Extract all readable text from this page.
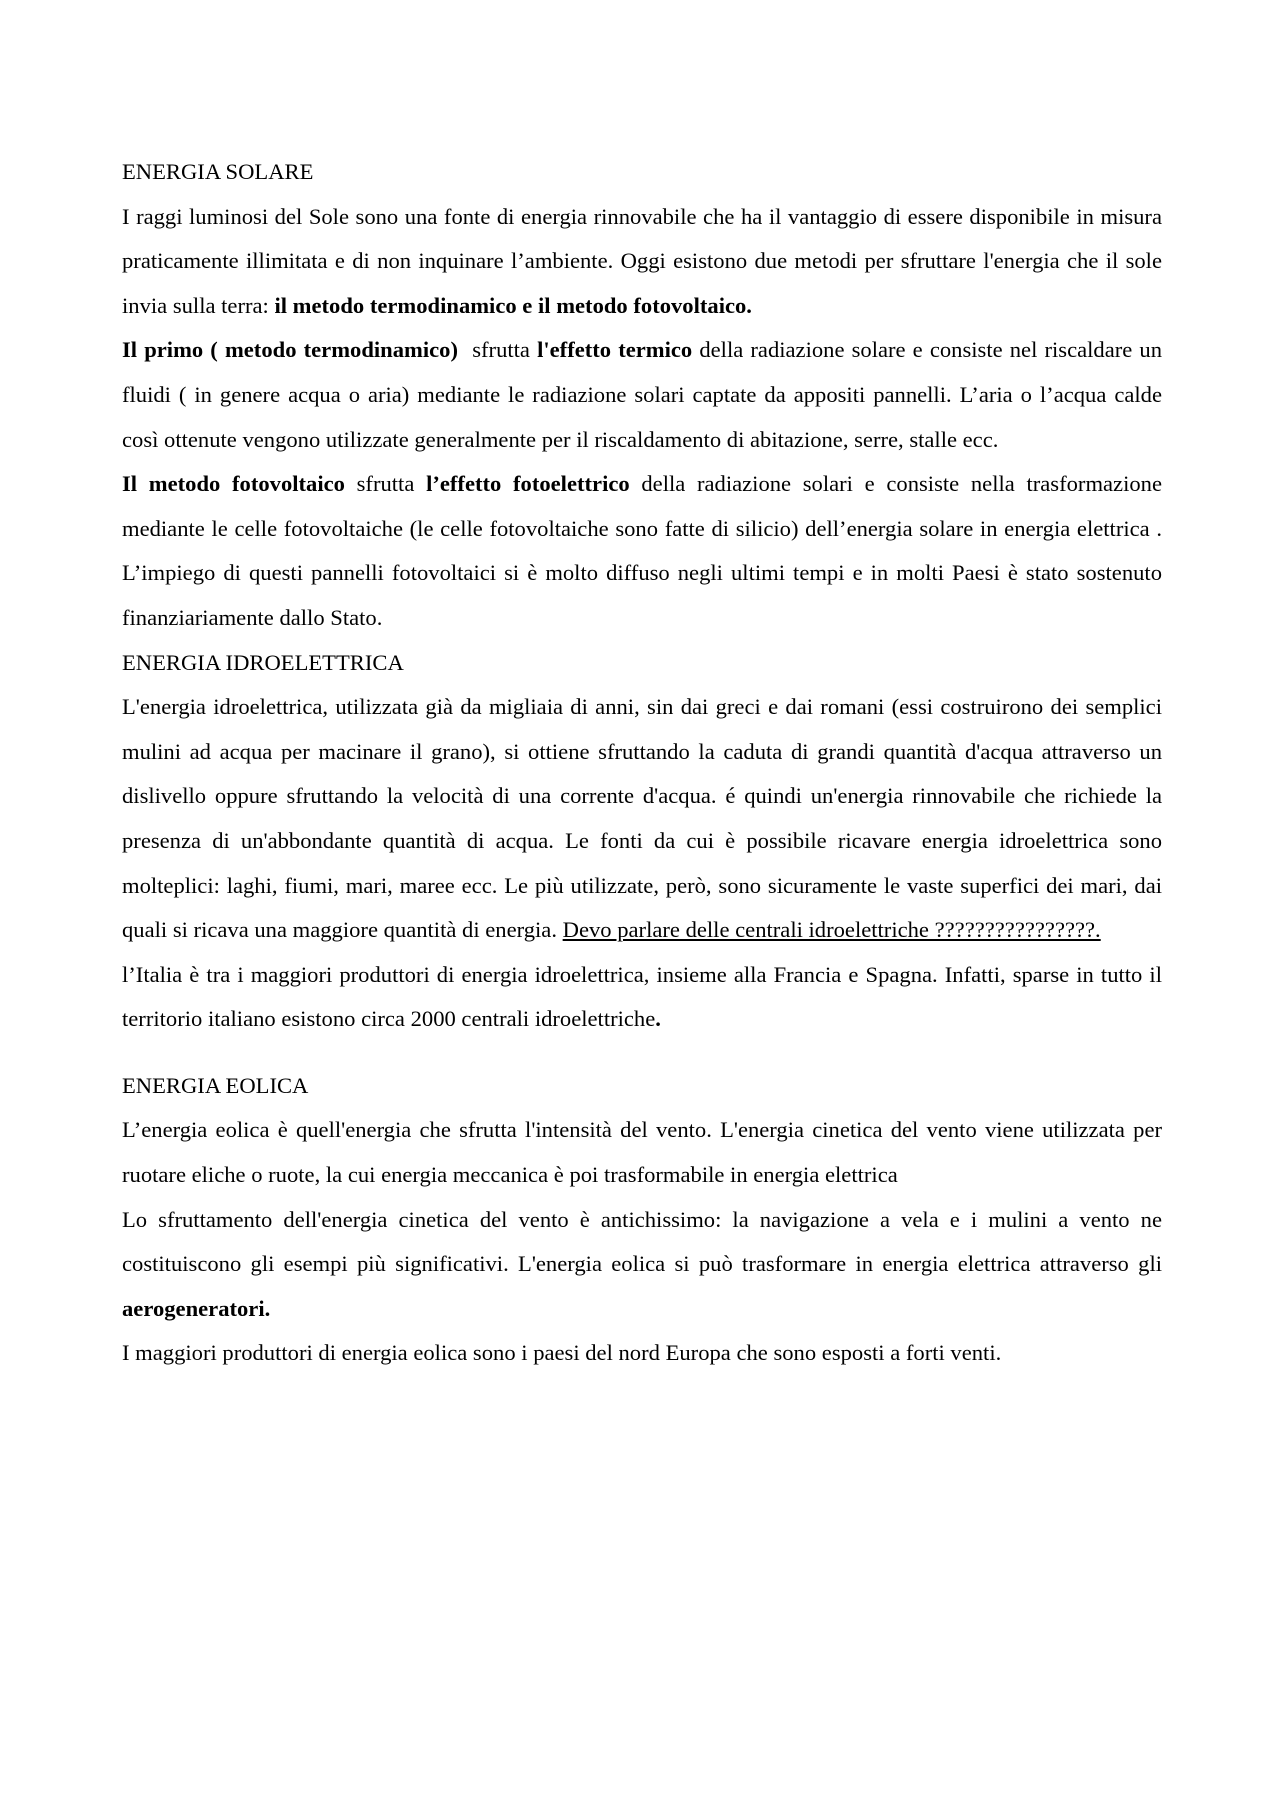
ENERGIA SOLARE

I raggi luminosi del Sole sono una fonte di energia rinnovabile che ha il vantaggio di essere disponibile in misura praticamente illimitata e di non inquinare l’ambiente. Oggi esistono due metodi per sfruttare l'energia che il sole invia sulla terra: il metodo termodinamico e il metodo fotovoltaico.

Il primo ( metodo termodinamico)  sfrutta l'effetto termico della radiazione solare e consiste nel riscaldare un fluidi ( in genere acqua o aria) mediante le radiazione solari captate da appositi pannelli. L’aria o l’acqua calde così ottenute vengono utilizzate generalmente per il riscaldamento di abitazione, serre, stalle ecc.

Il metodo fotovoltaico sfrutta l’effetto fotoelettrico della radiazione solari e consiste nella trasformazione mediante le celle fotovoltaiche (le celle fotovoltaiche sono fatte di silicio) dell’energia solare in energia elettrica . L’impiego di questi pannelli fotovoltaici si è molto diffuso negli ultimi tempi e in molti Paesi è stato sostenuto finanziariamente dallo Stato.

ENERGIA IDROELETTRICA

L'energia idroelettrica, utilizzata già da migliaia di anni, sin dai greci e dai romani (essi costruirono dei semplici mulini ad acqua per macinare il grano), si ottiene sfruttando la caduta di grandi quantità d'acqua attraverso un dislivello oppure sfruttando la velocità di una corrente d'acqua. é quindi un'energia rinnovabile che richiede la presenza di un'abbondante quantità di acqua. Le fonti da cui è possibile ricavare energia idroelettrica sono molteplici: laghi, fiumi, mari, maree ecc. Le più utilizzate, però, sono sicuramente le vaste superfici dei mari, dai quali si ricava una maggiore quantità di energia. Devo parlare delle centrali idroelettriche ????????????????.

l’Italia è tra i maggiori produttori di energia idroelettrica, insieme alla Francia e Spagna. Infatti, sparse in tutto il territorio italiano esistono circa 2000 centrali idroelettriche.

ENERGIA EOLICA

L’energia eolica è quell'energia che sfrutta l'intensità del vento. L'energia cinetica del vento viene utilizzata per ruotare eliche o ruote, la cui energia meccanica è poi trasformabile in energia elettrica

Lo sfruttamento dell'energia cinetica del vento è antichissimo: la navigazione a vela e i mulini a vento ne costituiscono gli esempi più significativi. L'energia eolica si può trasformare in energia elettrica attraverso gli aerogeneratori.

I maggiori produttori di energia eolica sono i paesi del nord Europa che sono esposti a forti venti.
